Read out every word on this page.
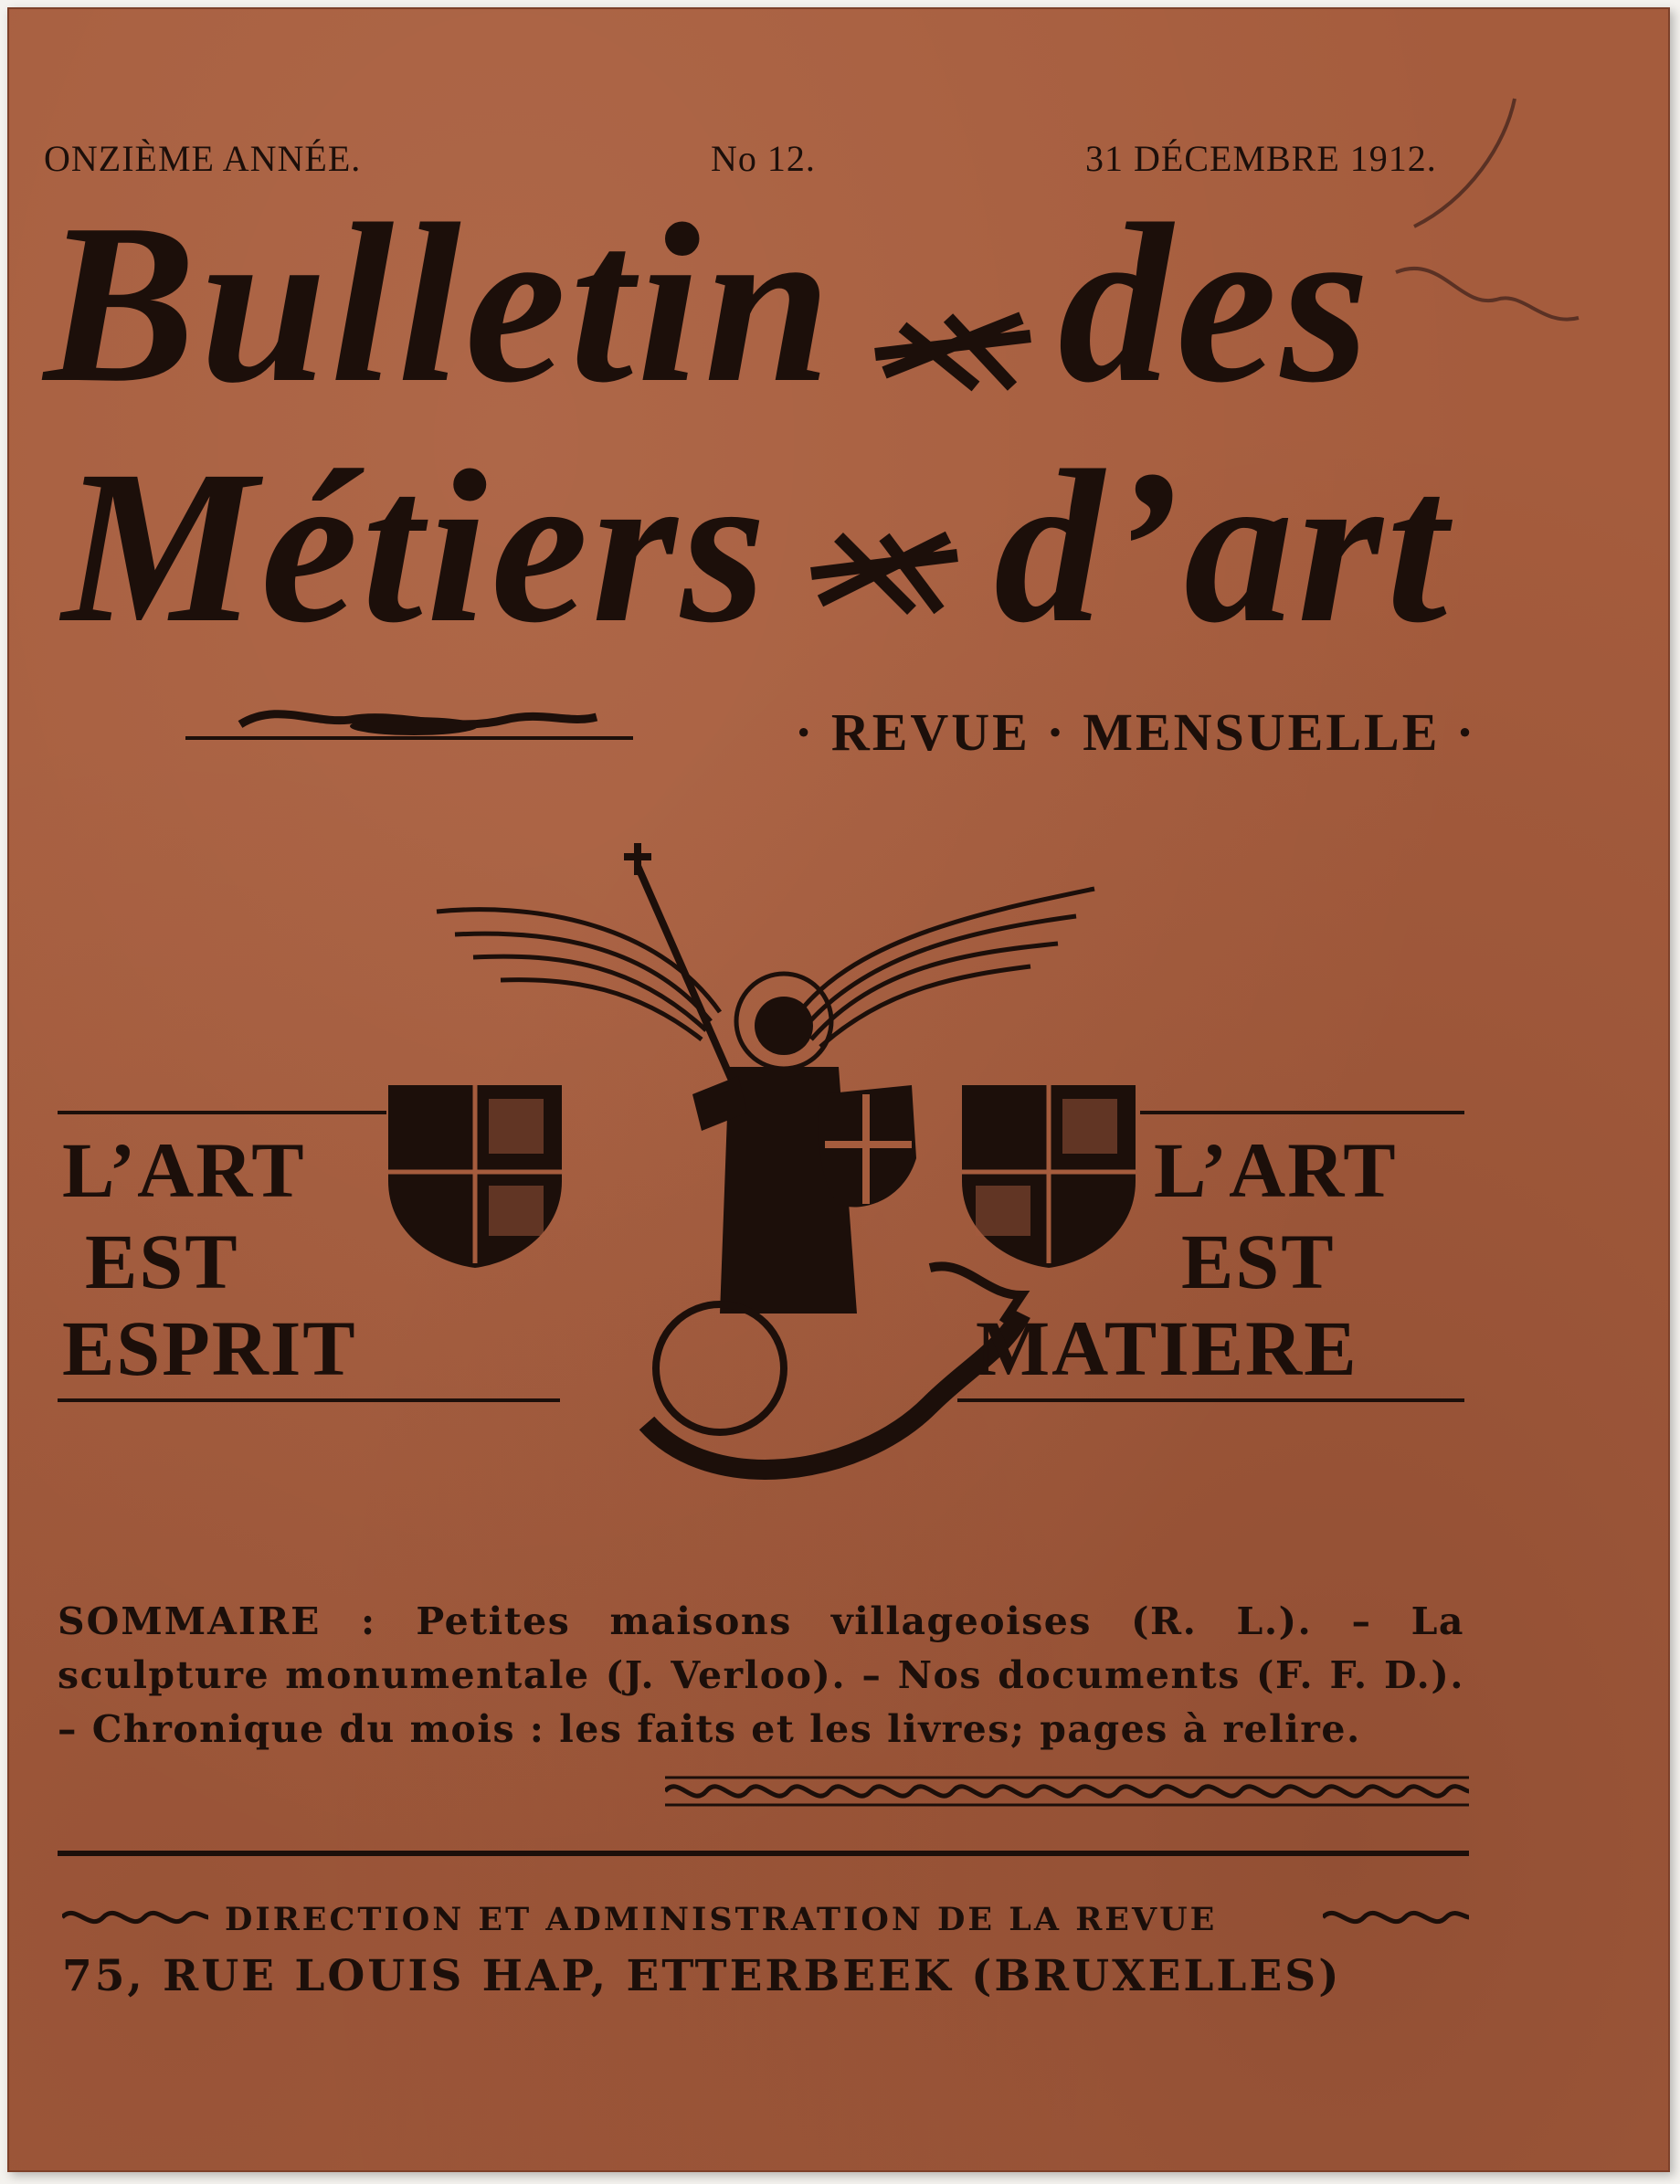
ONZIÈME ANNÉE.	No 12.	31 DÉCEMBRE 1912.
Bulletin des
Métiers d’art
· REVUE · MENSUELLE ·
L’ART
EST
ESPRIT
L’ART
EST
MATIERE
SOMMAIRE : Petites maisons villageoises (R. L.). – La sculpture monumentale (J. Verloo). – Nos documents (F. F. D.). – Chronique du mois : les faits et les livres; pages à relire.
DIRECTION ET ADMINISTRATION DE LA REVUE
75, RUE LOUIS HAP, ETTERBEEK (BRUXELLES)
